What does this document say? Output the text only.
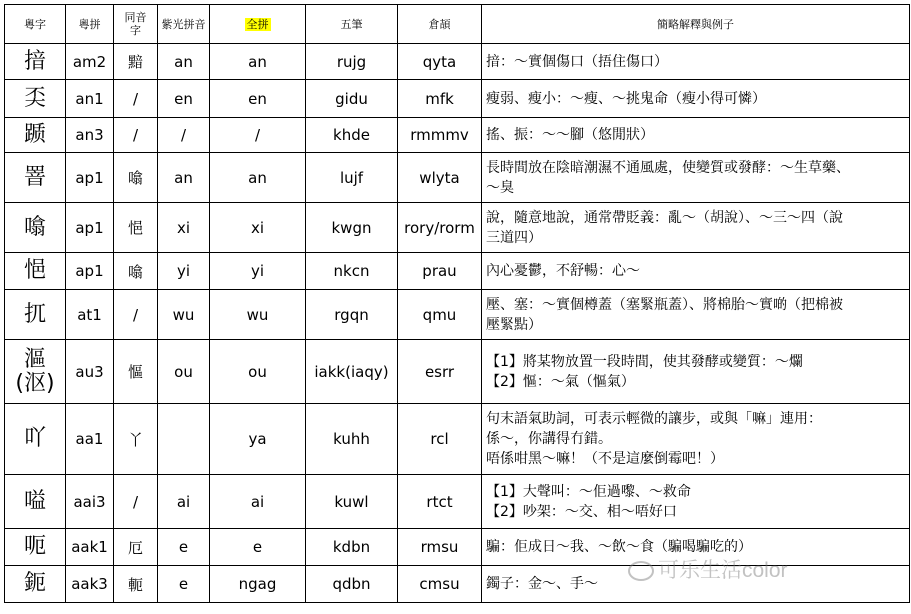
粵字	粵拼	同音字	紫光拼音	全拼	五筆	倉頡	簡略解釋與例子
揞	am2	黯	an	an	rujg	qyta	揞：～實個傷口（捂住傷口）

奀	an1	/	en	en	gidu	mfk	瘦弱、瘦小：～瘦、～挑鬼命（瘦小得可憐）

踬	an3	/	/	/	khde	rmmmv	搖、振：～～腳（悠閒狀）

罯	ap1	噏	an	an	lujf	wlyta	長時間放在陰暗潮濕不通風處，使變質或發酵：～生草藥、
～臭

噏	ap1	悒	xi	xi	kwgn	rory/rorm	說，隨意地說，通常帶貶義：亂～（胡說）、～三～四（說
三道四）

悒	ap1	噏	yi	yi	nkcn	prau	內心憂鬱，不舒暢：心～

扤	at1	/	wu	wu	rgqn	qmu	壓、塞：～實個樽蓋（塞緊瓶蓋）、將棉胎～實啲（把棉被
壓緊點）

漚
(沤)	au3	慪	ou	ou	iakk(iaqy)	esrr	【1】將某物放置一段時間，使其發酵或變質：～爛
【2】慪：～氣（慪氣）

吖	aa1	丫		ya	kuhh	rcl	句末語氣助詞，可表示輕微的讓步，或與「嘛」連用：
係～，你講得冇錯。
唔係咁黑～嘛！（不是這麼倒霉吧！）

嗌	aai3	/	ai	ai	kuwl	rtct	【1】大聲叫：～佢過嚟、～救命
【2】吵架：～交、相～唔好口

呃	aak1	厄	e	e	kdbn	rmsu	騙：佢成日～我、～飲～食（騙喝騙吃的）

鈪	aak3	軛	e	ngag	qdbn	cmsu	鐲子：金～、手～
可乐生活color
